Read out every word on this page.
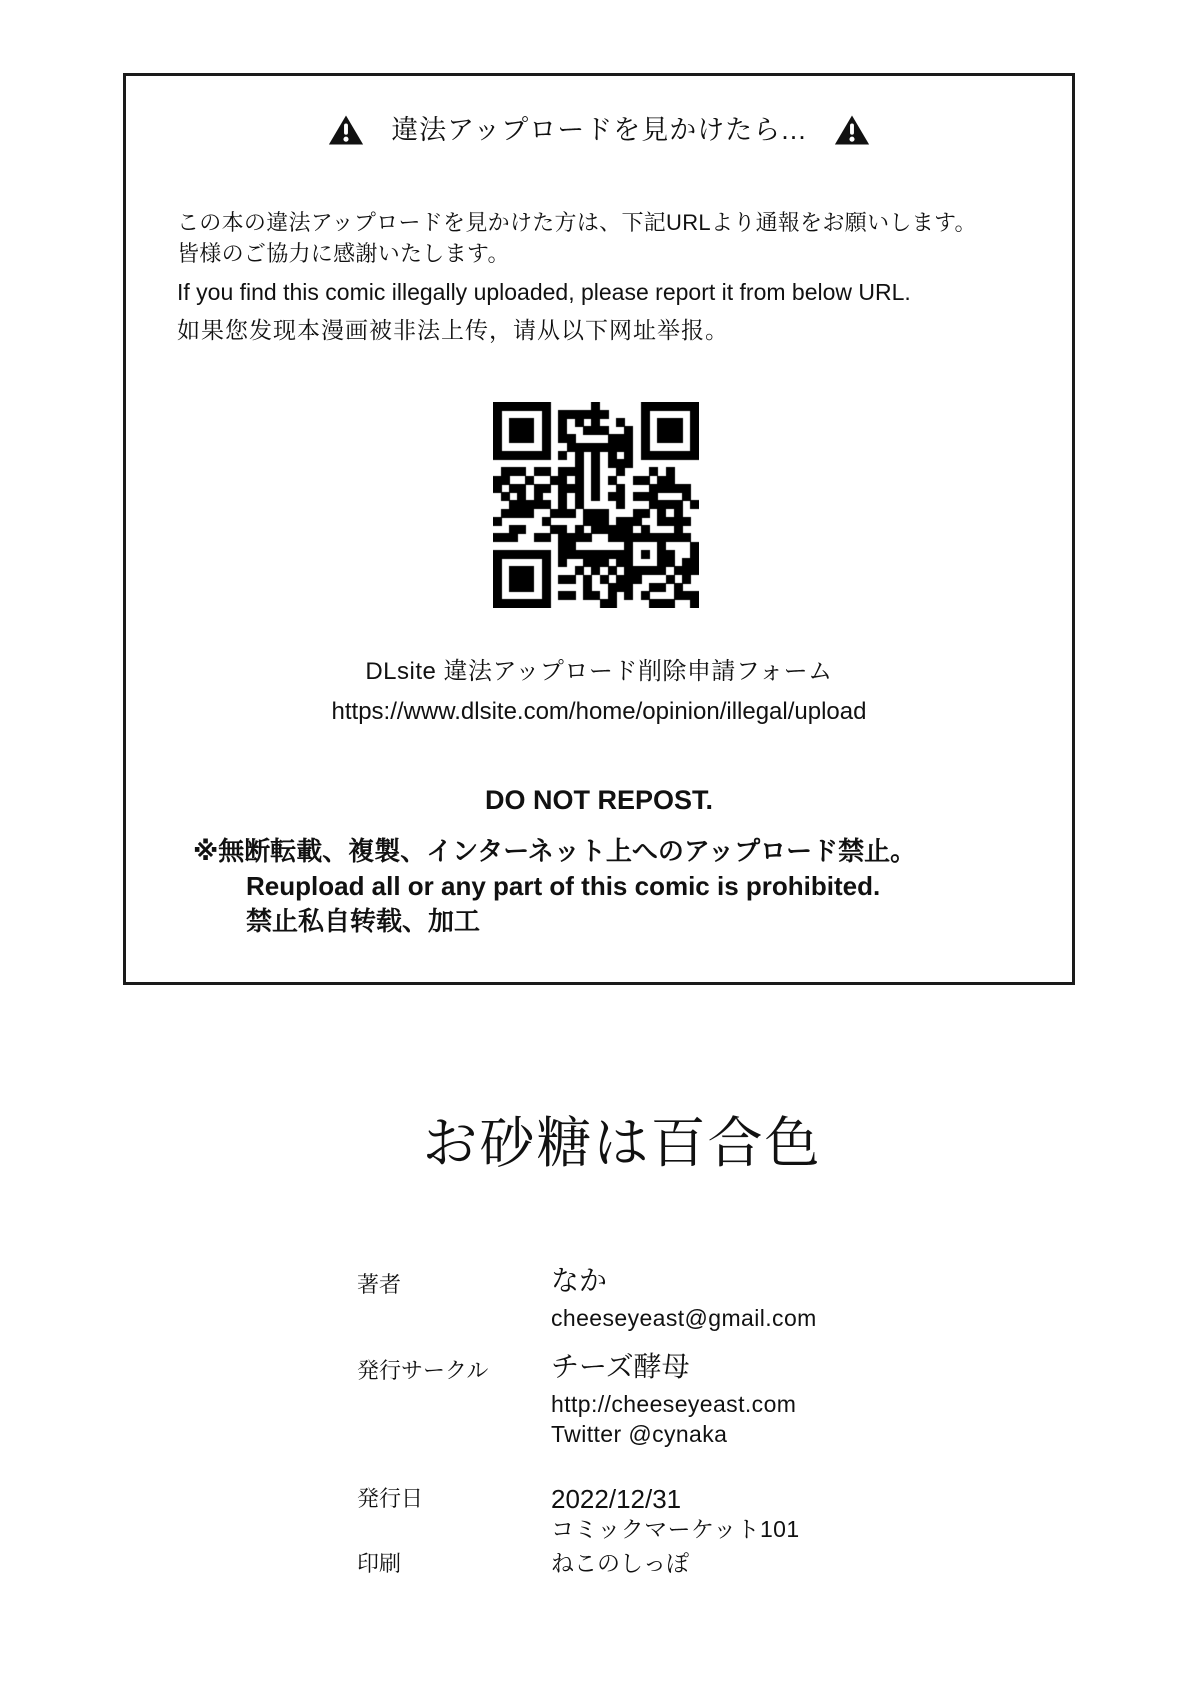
違法アップロードを見かけたら...
この本の違法アップロードを見かけた方は、下記URLより通報をお願いします。
皆様のご協力に感謝いたします。
If you find this comic illegally uploaded, please report it from below URL.
如果您发现本漫画被非法上传，请从以下网址举报。
DLsite 違法アップロード削除申請フォーム
https://www.dlsite.com/home/opinion/illegal/upload
DO NOT REPOST.
※無断転載、複製、インターネット上へのアップロード禁止。
Reupload all or any part of this comic is prohibited.
禁止私自转载、加工
お砂糖は百合色
著者	なか
cheeseyeast@gmail.com
発行サークル チーズ酵母
http://cheeseyeast.com
Twitter @cynaka
発行日	2022/12/31
コミックマーケット101
印刷	ねこのしっぽ
